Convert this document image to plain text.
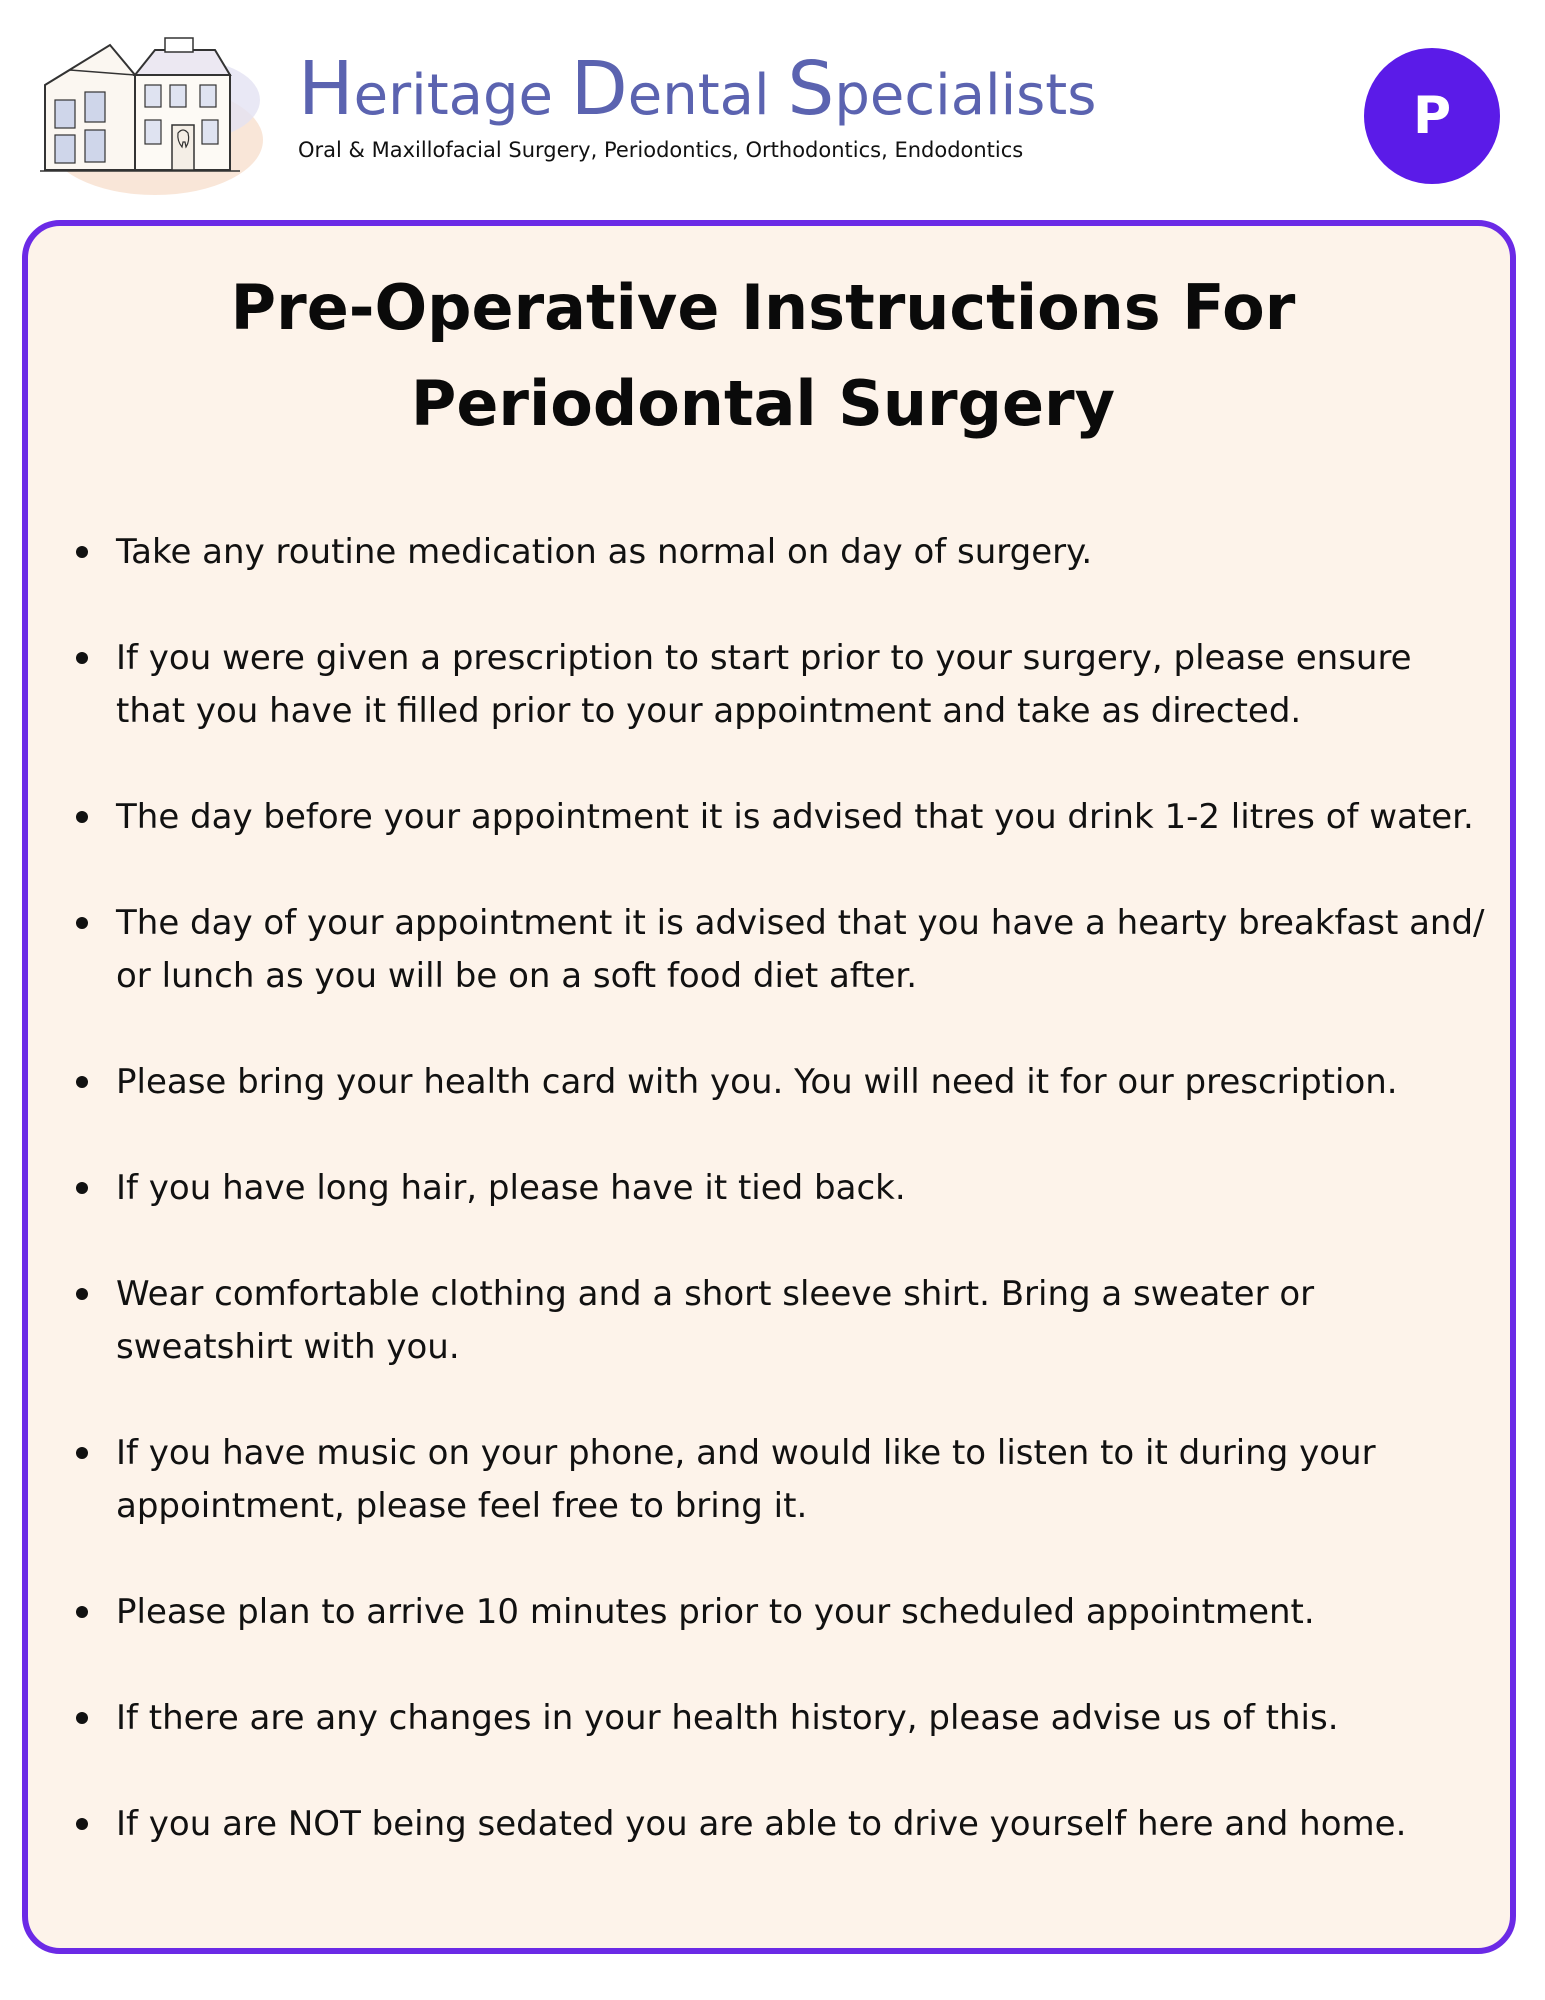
Heritage Dental Specialists
Oral & Maxillofacial Surgery, Periodontics, Orthodontics, Endodontics
P
Pre-Operative Instructions For
Periodontal Surgery
Take any routine medication as normal on day of surgery.
If you were given a prescription to start prior to your surgery, please ensure that you have it filled prior to your appointment and take as directed.
The day before your appointment it is advised that you drink 1-2 litres of water.
The day of your appointment it is advised that you have a hearty breakfast and/ or lunch as you will be on a soft food diet after.
Please bring your health card with you. You will need it for our prescription.
If you have long hair, please have it tied back.
Wear comfortable clothing and a short sleeve shirt. Bring a sweater or sweatshirt with you.
If you have music on your phone, and would like to listen to it during your appointment, please feel free to bring it.
Please plan to arrive 10 minutes prior to your scheduled appointment.
If there are any changes in your health history, please advise us of this.
If you are NOT being sedated you are able to drive yourself here and home.
